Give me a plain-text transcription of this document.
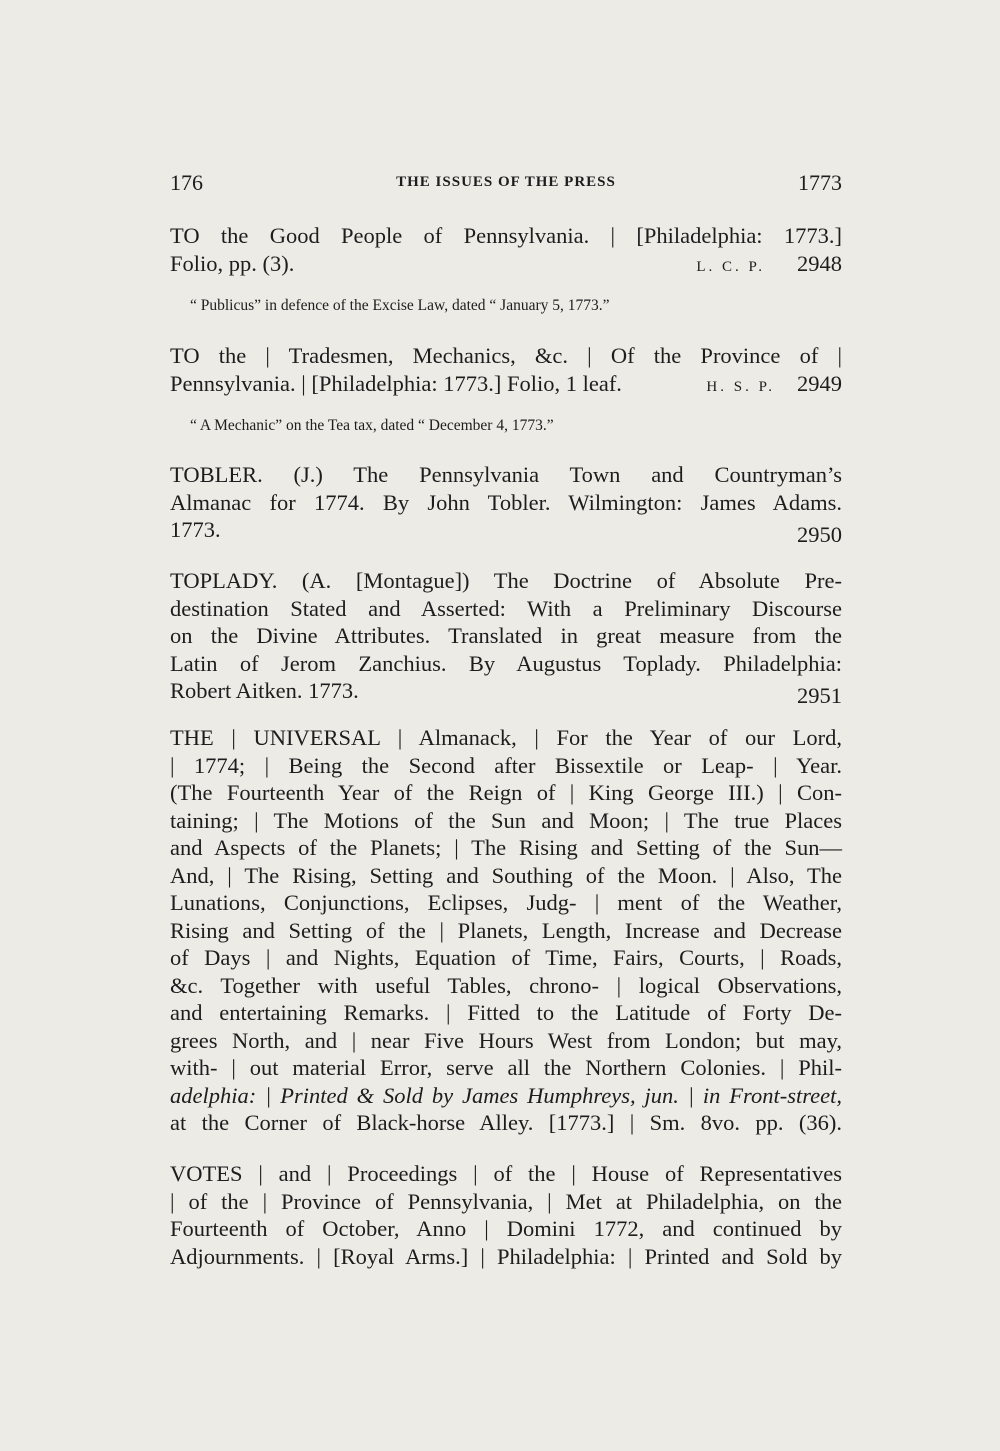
176	THE ISSUES OF THE PRESS	1773
TO the Good People of Pennsylvania. | [Philadelphia: 1773.]
Folio, pp. (3).	2948
L. C. P.
“ Publicus” in defence of the Excise Law, dated “ January 5, 1773.”
TO the | Tradesmen, Mechanics, &c. | Of the Province of |
Pennsylvania. | [Philadelphia: 1773.] Folio, 1 leaf.	2949
H. S. P.
“ A Mechanic” on the Tea tax, dated “ December 4, 1773.”
TOBLER. (J.) The Pennsylvania Town and Countryman’s
Almanac for 1774. By John Tobler. Wilmington: James Adams.
1773.	2950
TOPLADY. (A. [Montague]) The Doctrine of Absolute Pre-
destination Stated and Asserted: With a Preliminary Discourse
on the Divine Attributes. Translated in great measure from the
Latin of Jerom Zanchius. By Augustus Toplady. Philadelphia:
Robert Aitken. 1773.	2951
THE | UNIVERSAL | Almanack, | For the Year of our Lord,
| 1774; | Being the Second after Bissextile or Leap- | Year.
(The Fourteenth Year of the Reign of | King George III.) | Con-
taining; | The Motions of the Sun and Moon; | The true Places
and Aspects of the Planets; | The Rising and Setting of the Sun—
And, | The Rising, Setting and Southing of the Moon. | Also, The
Lunations, Conjunctions, Eclipses, Judg- | ment of the Weather,
Rising and Setting of the | Planets, Length, Increase and Decrease
of Days | and Nights, Equation of Time, Fairs, Courts, | Roads,
&c. Together with useful Tables, chrono- | logical Observations,
and entertaining Remarks. | Fitted to the Latitude of Forty De-
grees North, and | near Five Hours West from London; but may,
with- | out material Error, serve all the Northern Colonies. | Phil-
adelphia: | Printed & Sold by James Humphreys, jun. | in Front-street,
at the Corner of Black-horse Alley. [1773.] | Sm. 8vo. pp. (36).
VOTES | and | Proceedings | of the | House of Representatives
| of the | Province of Pennsylvania, | Met at Philadelphia, on the
Fourteenth of October, Anno | Domini 1772, and continued by
Adjournments. | [Royal Arms.] | Philadelphia: | Printed and Sold by
